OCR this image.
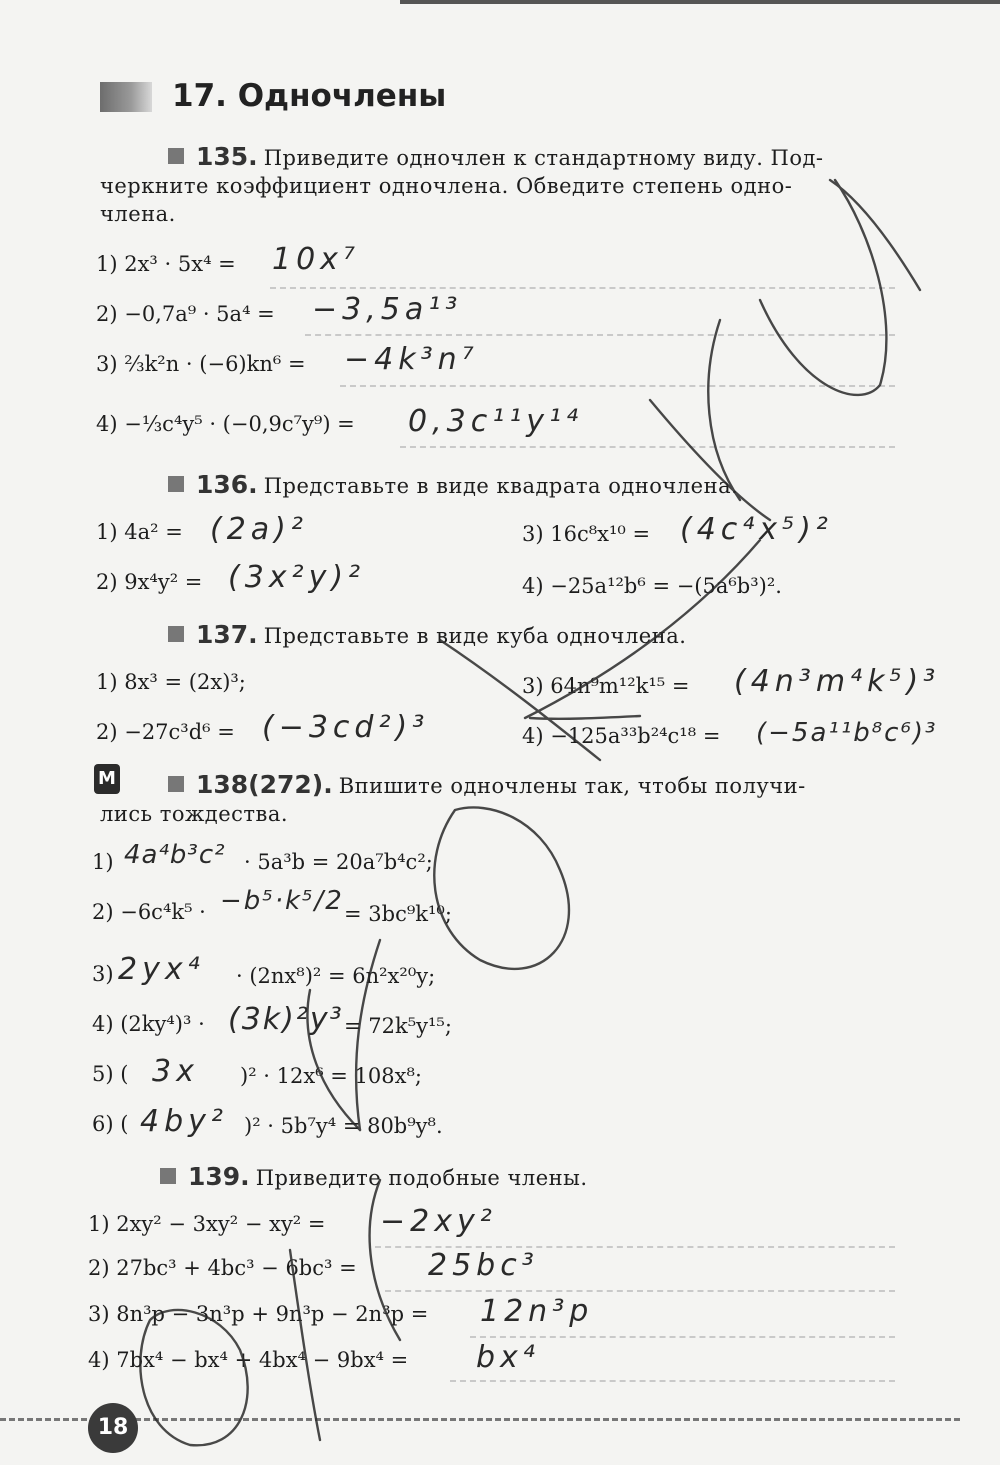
17. Одночлены
135. Приведите одночлен к стандартному виду. Под-
черкните коэффициент одночлена. Обведите степень одно-
члена.
1) 2x³ · 5x⁴ = 10x⁷
2) −0,7a⁹ · 5a⁴ = −3,5a¹³
3) ⅔k²n · (−6)kn⁶ = −4k³n⁷
4) −⅓c⁴y⁵ · (−0,9c⁷y⁹) = 0,3c¹¹y¹⁴
136. Представьте в виде квадрата одночлена.
1) 4a² = (2a)²	3) 16c⁸x¹⁰ = (4c⁴x⁵)²
2) 9x⁴y² = (3x²y)²	4) −25a¹²b⁶ = −(5a⁶b³)².
137. Представьте в виде куба одночлена.
1) 8x³ = (2x)³;	3) 64n⁹m¹²k¹⁵ = (4n³m⁴k⁵)³
2) −27c³d⁶ = (−3cd²)³	4) −125a³³b²⁴c¹⁸ = (−5a¹¹b⁸c⁶)³
М	138(272). Впишите одночлены так, чтобы получи-
лись тождества.
1) 4a⁴b³c² · 5a³b = 20a⁷b⁴c²;
2) −6c⁴k⁵ · −b⁵·k⁵/2 = 3bc⁹k¹⁰;
3) 2yx⁴ · (2nx⁸)² = 6n²x²⁰y;
4) (2ky⁴)³ · (3k)²y³ = 72k⁵y¹⁵;
5) ( 3x )² · 12x⁶ = 108x⁸;
6) ( 4by² )² · 5b⁷y⁴ = 80b⁹y⁸.
139. Приведите подобные члены.
1) 2xy² − 3xy² − xy² = −2xy²
2) 27bc³ + 4bc³ − 6bc³ = 25bc³
3) 8n³p − 3n³p + 9n³p − 2n³p = 12n³p
4) 7bx⁴ − bx⁴ + 4bx⁴ − 9bx⁴ = bx⁴
18
